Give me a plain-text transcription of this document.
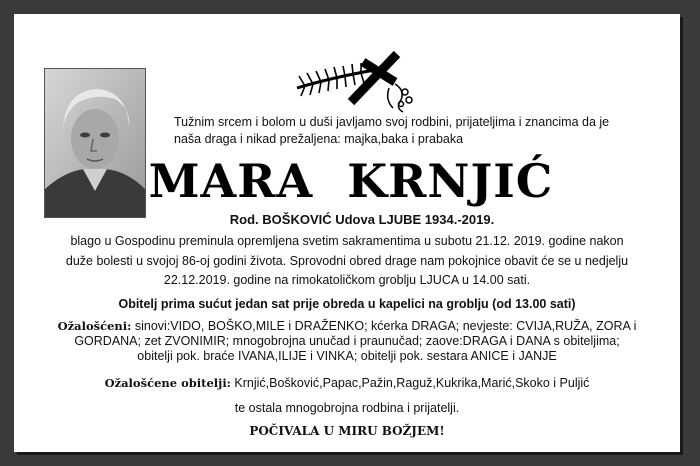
Tužnim srcem i bolom u duši javljamo svoj rodbini, prijateljima i znancima da je
naša draga i nikad prežaljena: majka,baka i prabaka
MARA  KRNJIĆ
Rod. BOŠKOVIĆ Udova LJUBE 1934.-2019.
blago u Gospodinu preminula opremljena svetim sakramentima u subotu 21.12. 2019. godine nakon
duže bolesti u svojoj 86-oj godini života. Sprovodni obred drage nam pokojnice obavit će se u nedjelju
22.12.2019. godine na rimokatoličkom groblju LJUCA u 14.00 sati.
Obitelj prima sućut jedan sat prije obreda u kapelici na groblju (od 13.00 sati)
Ožalošćeni: sinovi:VIDO, BOŠKO,MILE i DRAŽENKO; kćerka DRAGA; nevjeste: CVIJA,RUŽA, ZORA i
GORDANA; zet ZVONIMIR; mnogobrojna unučad i praunučad; zaove:DRAGA i DANA s obiteljima;
obitelji pok. braće IVANA,ILIJE i VINKA; obitelji pok. sestara ANICE i JANJE
Ožalošćene obitelji: Krnjić,Bošković,Papac,Pažin,Raguž,Kukrika,Marić,Skoko i Puljić
te ostala mnogobrojna rodbina i prijatelji.
POČIVALA U MIRU BOŽJEM!
